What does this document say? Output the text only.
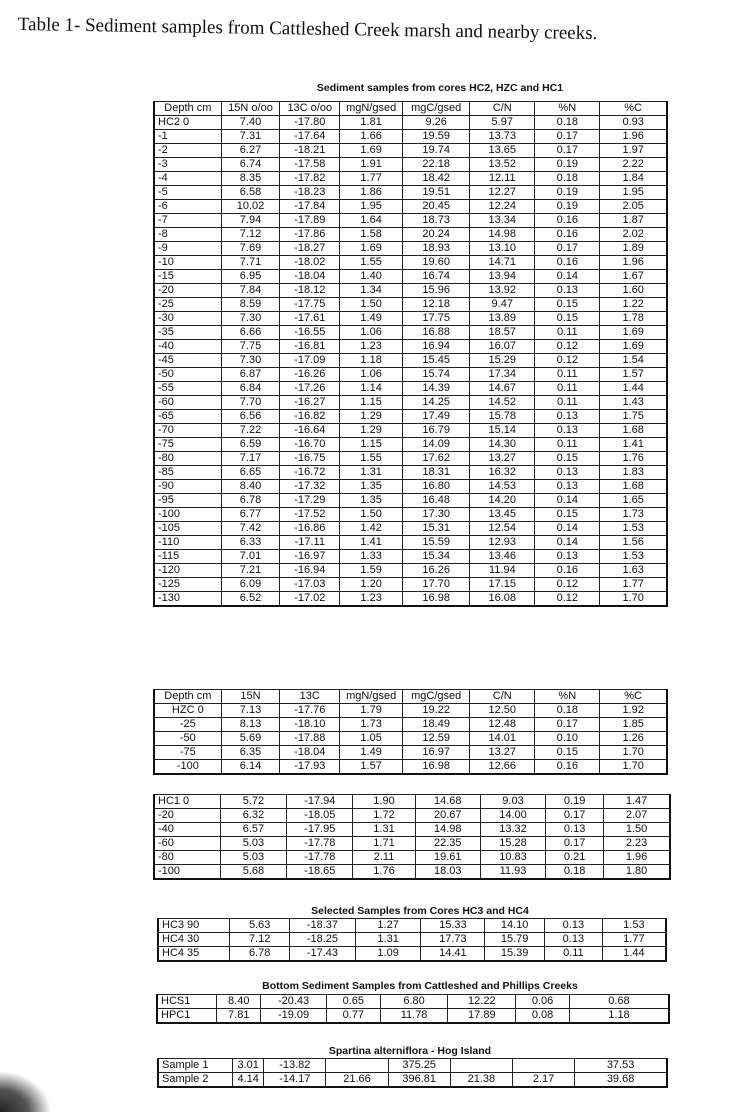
Table 1- Sediment samples from Cattleshed Creek marsh and nearby creeks.
Sediment samples from cores HC2, HZC and HC1
Depth cm	15N o/oo	13C o/oo	mgN/gsed	mgC/gsed	C/N	%N	%C
HC2 0	7.40	-17.80	1.81	9.26	5.97	0.18	0.93
-1	7.31	-17.64	1.66	19.59	13.73	0.17	1.96
-2	6.27	-18.21	1.69	19.74	13.65	0.17	1.97
-3	6.74	-17.58	1.91	22.18	13.52	0.19	2.22
-4	8.35	-17.82	1.77	18.42	12.11	0.18	1.84
-5	6.58	-18.23	1.86	19.51	12.27	0.19	1.95
-6	10.02	-17.84	1.95	20.45	12.24	0.19	2.05
-7	7.94	-17.89	1.64	18.73	13.34	0.16	1.87
-8	7.12	-17.86	1.58	20.24	14.98	0.16	2.02
-9	7.69	-18.27	1.69	18.93	13.10	0.17	1.89
-10	7.71	-18.02	1.55	19.60	14.71	0.16	1.96
-15	6.95	-18.04	1.40	16.74	13.94	0.14	1.67
-20	7.84	-18.12	1.34	15.96	13.92	0.13	1.60
-25	8.59	-17.75	1.50	12.18	9.47	0.15	1.22
-30	7.30	-17.61	1.49	17.75	13.89	0.15	1.78
-35	6.66	-16.55	1.06	16.88	18.57	0.11	1.69
-40	7.75	-16.81	1.23	16.94	16.07	0.12	1.69
-45	7.30	-17.09	1.18	15.45	15.29	0.12	1.54
-50	6.87	-16.26	1.06	15.74	17.34	0.11	1.57
-55	6.84	-17.26	1.14	14.39	14.67	0.11	1.44
-60	7.70	-16.27	1.15	14.25	14.52	0.11	1.43
-65	6.56	-16.82	1.29	17.49	15.78	0.13	1.75
-70	7.22	-16.64	1.29	16.79	15.14	0.13	1.68
-75	6.59	-16.70	1.15	14.09	14.30	0.11	1.41
-80	7.17	-16.75	1.55	17.62	13.27	0.15	1.76
-85	6.65	-16.72	1.31	18.31	16.32	0.13	1.83
-90	8.40	-17.32	1.35	16.80	14.53	0.13	1.68
-95	6.78	-17.29	1.35	16.48	14.20	0.14	1.65
-100	6.77	-17.52	1.50	17.30	13.45	0.15	1.73
-105	7.42	-16.86	1.42	15.31	12.54	0.14	1.53
-110	6.33	-17.11	1.41	15.59	12.93	0.14	1.56
-115	7.01	-16.97	1.33	15.34	13.46	0.13	1.53
-120	7.21	-16.94	1.59	16.26	11.94	0.16	1.63
-125	6.09	-17.03	1.20	17.70	17.15	0.12	1.77
-130	6.52	-17.02	1.23	16.98	16.08	0.12	1.70
Depth cm	15N	13C	mgN/gsed	mgC/gsed	C/N	%N	%C
HZC 0	7.13	-17.76	1.79	19.22	12.50	0.18	1.92
-25	8.13	-18.10	1.73	18.49	12.48	0.17	1.85
-50	5.69	-17.88	1.05	12.59	14.01	0.10	1.26
-75	6.35	-18.04	1.49	16.97	13.27	0.15	1.70
-100	6.14	-17.93	1.57	16.98	12.66	0.16	1.70
HC1 0	5.72	-17.94	1.90	14.68	9.03	0.19	1.47
-20	6.32	-18.05	1.72	20.67	14.00	0.17	2.07
-40	6.57	-17.95	1.31	14.98	13.32	0.13	1.50
-60	5.03	-17.78	1.71	22.35	15.28	0.17	2.23
-80	5.03	-17.78	2.11	19.61	10.83	0.21	1.96
-100	5.68	-18.65	1.76	18.03	11.93	0.18	1.80
Selected Samples from Cores HC3 and HC4
HC3 90	5.63	-18.37	1.27	15.33	14.10	0.13	1.53
HC4 30	7.12	-18.25	1.31	17.73	15.79	0.13	1.77
HC4 35	6.78	-17.43	1.09	14.41	15.39	0.11	1.44
Bottom Sediment Samples from Cattleshed and Phillips Creeks
HCS1	8.40	-20.43	0.65	6.80	12.22	0.06	0.68
HPC1	7.81	-19.09	0.77	11.78	17.89	0.08	1.18
Spartina alterniflora - Hog Island
Sample 1	3.01	-13.82		375.25			37.53
Sample 2	4.14	-14.17	21.66	396.81	21.38	2.17	39.68
